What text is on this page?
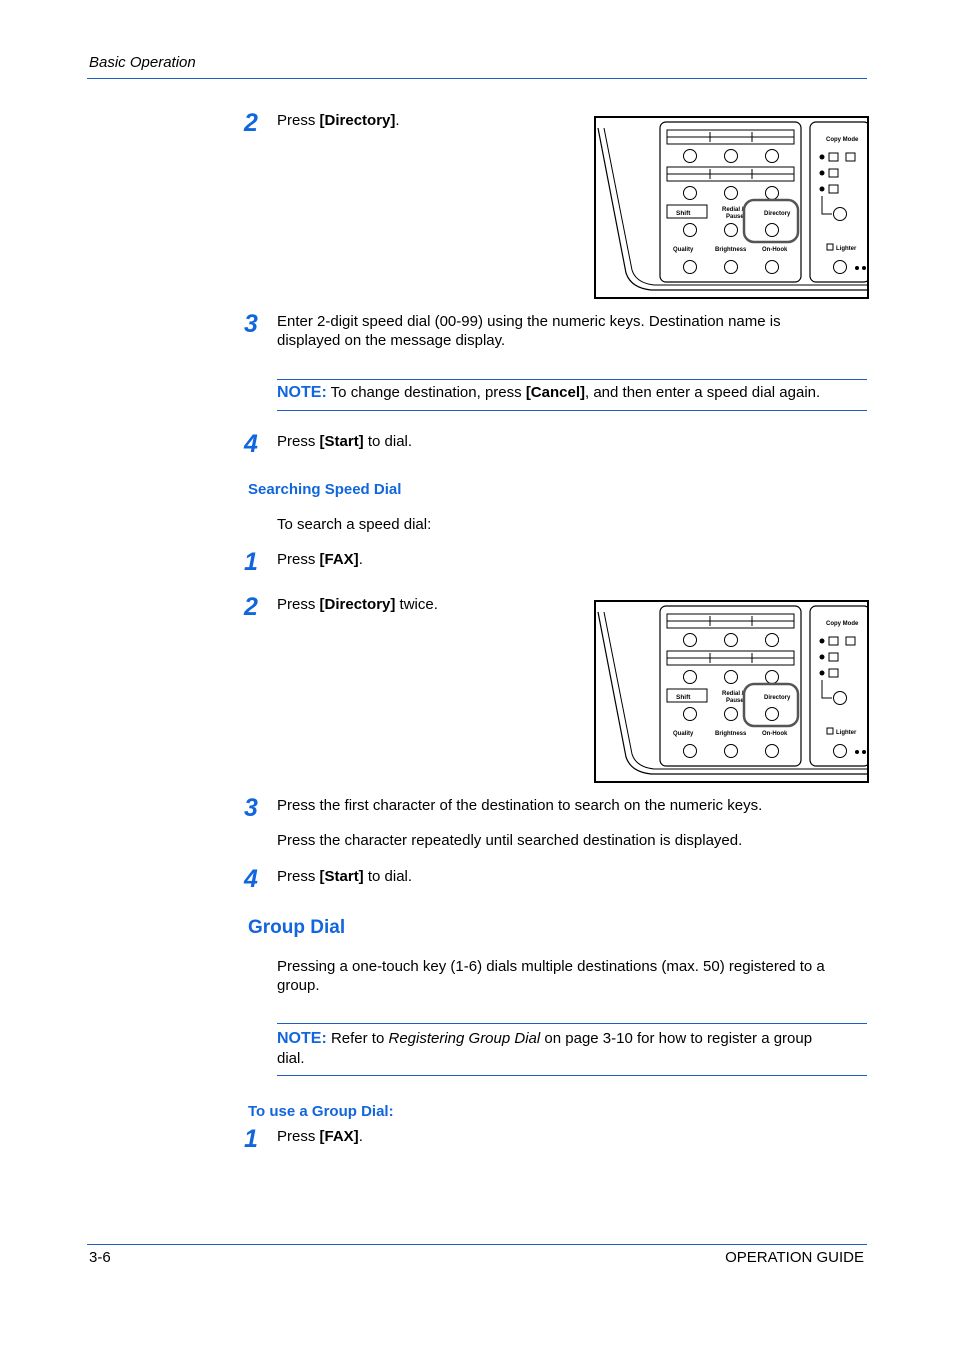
Basic Operation
2	Press [Directory].
Shift	Redial /
Pause	Directory
Quality	Brightness	On-Hook
Copy Mode
Lighter
3	Enter 2-digit speed dial (00-99) using the numeric keys. Destination name is
displayed on the message display.
NOTE: To change destination, press [Cancel], and then enter a speed dial again.
4	Press [Start] to dial.
Searching Speed Dial
To search a speed dial:
1	Press [FAX].
2	Press [Directory] twice.
Shift	Redial /
Pause	Directory
Quality	Brightness	On-Hook
Copy Mode
Lighter
3	Press the first character of the destination to search on the numeric keys.
Press the character repeatedly until searched destination is displayed.
4	Press [Start] to dial.
Group Dial
Pressing a one-touch key (1-6) dials multiple destinations (max. 50) registered to a
group.
NOTE: Refer to Registering Group Dial on page 3-10 for how to register a group
dial.
To use a Group Dial:
1	Press [FAX].
3-6	OPERATION GUIDE
